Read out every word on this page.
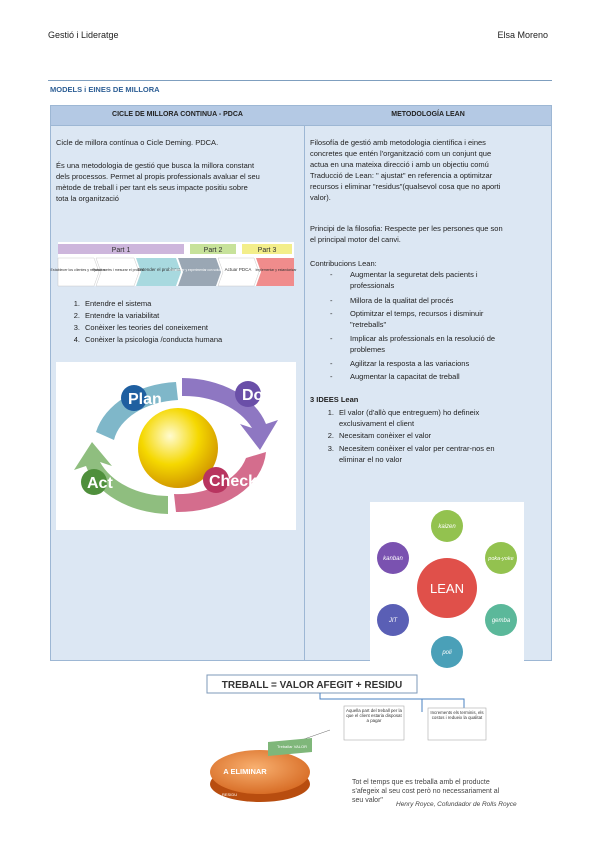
Gestió i Lideratge	Elsa Moreno
MODELS i EINES DE MILLORA
CICLE DE MILLORA CONTINUA - PDCA	METODOLOGÍA LEAN
Cicle de millora contínua o Cicle Deming. PDCA.
És una metodologia de gestió que busca la millora constant
dels processos. Permet al propis professionals avaluar el seu
mètode de treball i per tant els seus impacte positiu sobre
tota la organització
Part 1	Part 2	Part 3
Establecer los clientes y requisitos
Posar metrs i mesurar el procés
Entender el problema
Establecer y experimentar con soluciones
Actuar PDCA Implementar y estandarizar
1. Entendre el sistema
2. Entendre la variabilitat
3. Conèixer les teories del coneixement
4. Conèixer la psicologia /conducta humana
Plan	Do
Check
Act
Filosofía de gestió amb metodologia científica i eines
concretes que entén l'organització com un conjunt que
actua en una mateixa direcció i amb un objectiu comú
Traducció de Lean: " ajustat" en referencia a optimitzar
recursos i eliminar "residus"(qualsevol cosa que no aporti
valor).
Principi de la filosofia: Respecte per les persones que son
el principal motor del canvi.
Contribucions Lean:
- Augmentar la seguretat dels pacients i
professionals
- Millora de la qualitat del procés
- Optimitzar el temps, recursos i disminuir
"retreballs"
- Implicar als professionals en la resolució de
problemes
- Agilitzar la resposta a las variacions
- Augmentar la capacitat de treball
3 IDEES Lean
1. El valor (d'allò que entreguem) ho defineix
exclusivament el client
2. Necesitam conèixer el valor
3. Necesitem conèixer el valor per centrar-nos en
eliminar el no valor
LEAN
kaizen
poka-yoke
gemba
poli
JIT
kanban
TREBALL = VALOR AFEGIT + RESIDU
Aquella part del treball per la que el client estaria disposat a pagar
Increments els terminis, els costos i redueix la qualitat
Treballar VALOR
A ELIMINAR
RESIDU
Tot el temps que es treballa amb el producte
s'afegeix al seu cost però no necessariament al
seu valor"
Henry Royce, Cofundador de Rolls Royce
